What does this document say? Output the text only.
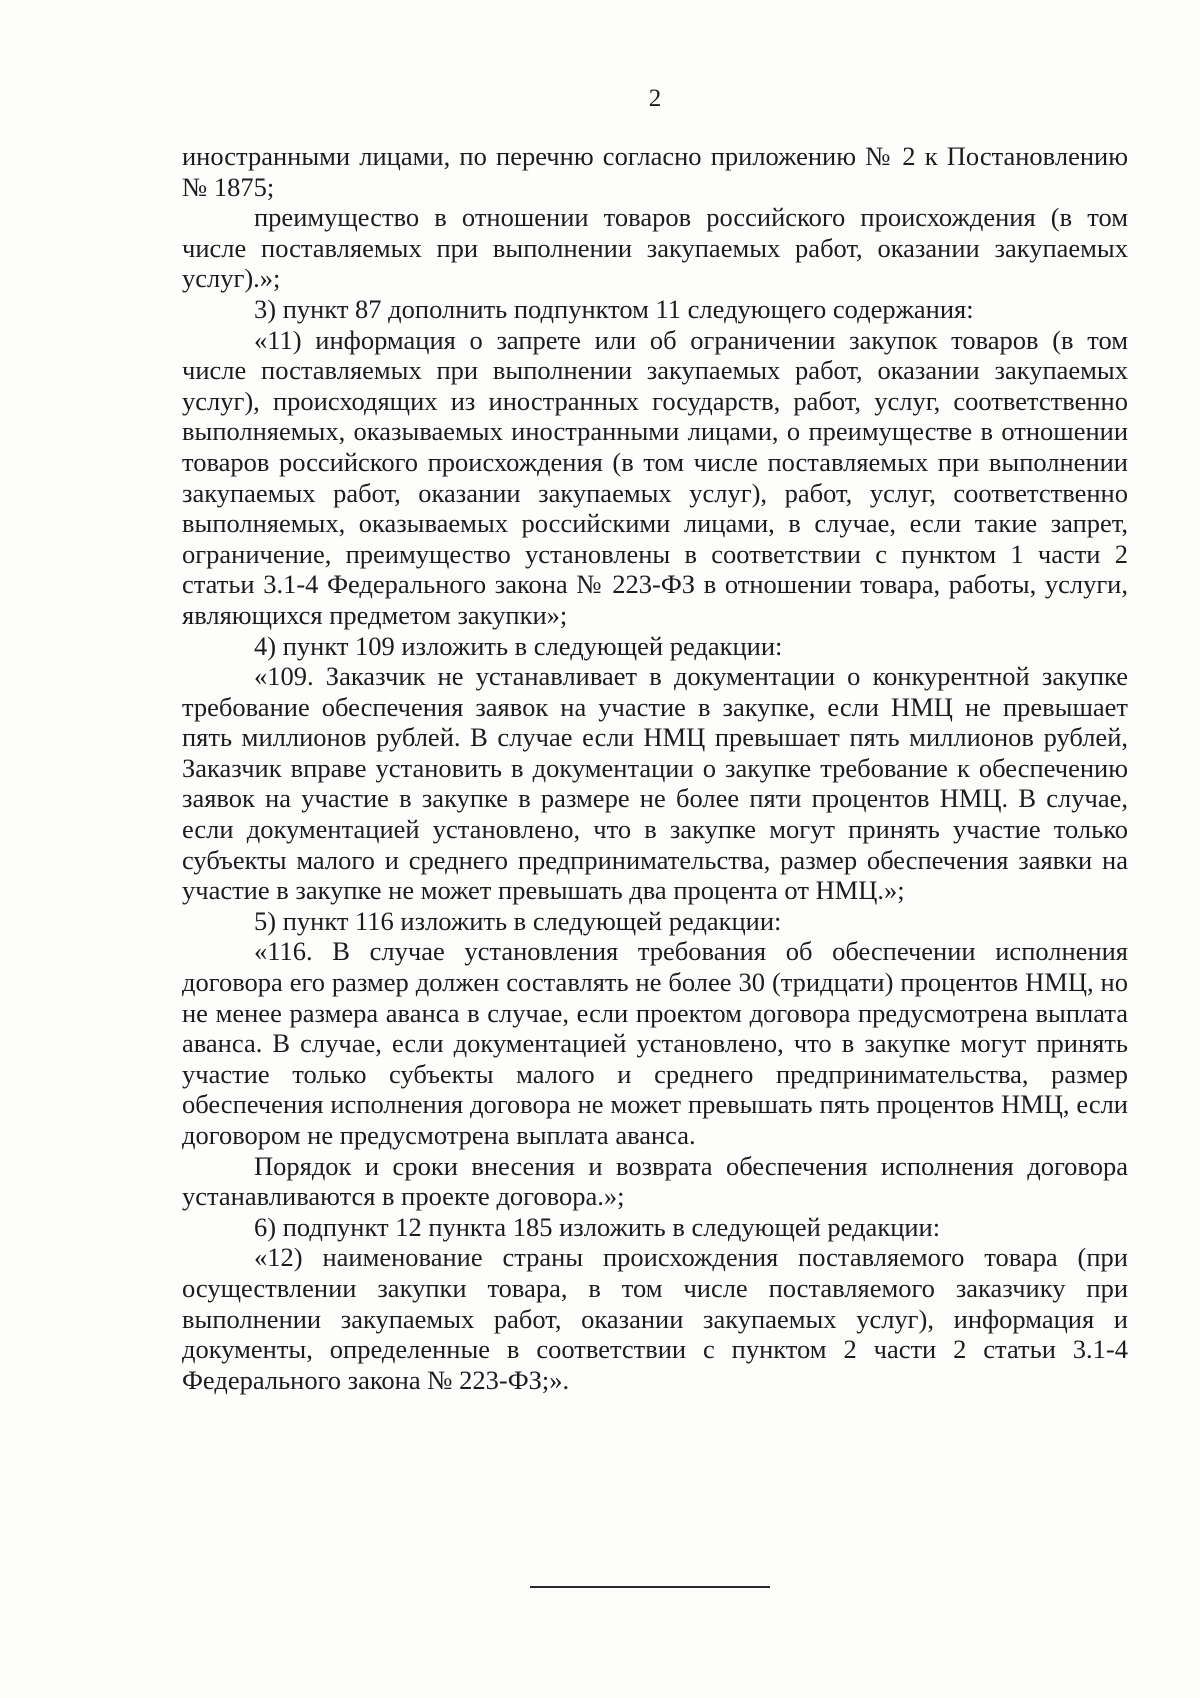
2

иностранными лицами, по перечню согласно приложению № 2 к Постановлению № 1875;

преимущество в отношении товаров российского происхождения (в том числе поставляемых при выполнении закупаемых работ, оказании закупаемых услуг).»;

3) пункт 87 дополнить подпунктом 11 следующего содержания:

«11) информация о запрете или об ограничении закупок товаров (в том числе поставляемых при выполнении закупаемых работ, оказании закупаемых услуг), происходящих из иностранных государств, работ, услуг, соответственно выполняемых, оказываемых иностранными лицами, о преимуществе в отношении товаров российского происхождения (в том числе поставляемых при выполнении закупаемых работ, оказании закупаемых услуг), работ, услуг, соответственно выполняемых, оказываемых российскими лицами, в случае, если такие запрет, ограничение, преимущество установлены в соответствии с пунктом 1 части 2 статьи 3.1-4 Федерального закона № 223-ФЗ в отношении товара, работы, услуги, являющихся предметом закупки»;

4) пункт 109 изложить в следующей редакции:

«109. Заказчик не устанавливает в документации о конкурентной закупке требование обеспечения заявок на участие в закупке, если НМЦ не превышает пять миллионов рублей. В случае если НМЦ превышает пять миллионов рублей, Заказчик вправе установить в документации о закупке требование к обеспечению заявок на участие в закупке в размере не более пяти процентов НМЦ. В случае, если документацией установлено, что в закупке могут принять участие только субъекты малого и среднего предпринимательства, размер обеспечения заявки на участие в закупке не может превышать два процента от НМЦ.»;

5) пункт 116 изложить в следующей редакции:

«116. В случае установления требования об обеспечении исполнения договора его размер должен составлять не более 30 (тридцати) процентов НМЦ, но не менее размера аванса в случае, если проектом договора предусмотрена выплата аванса. В случае, если документацией установлено, что в закупке могут принять участие только субъекты малого и среднего предпринимательства, размер обеспечения исполнения договора не может превышать пять процентов НМЦ, если договором не предусмотрена выплата аванса.

Порядок и сроки внесения и возврата обеспечения исполнения договора устанавливаются в проекте договора.»;

6) подпункт 12 пункта 185 изложить в следующей редакции:

«12) наименование страны происхождения поставляемого товара (при осуществлении закупки товара, в том числе поставляемого заказчику при выполнении закупаемых работ, оказании закупаемых услуг), информация и документы, определенные в соответствии с пунктом 2 части 2 статьи 3.1-4 Федерального закона № 223-ФЗ;».
